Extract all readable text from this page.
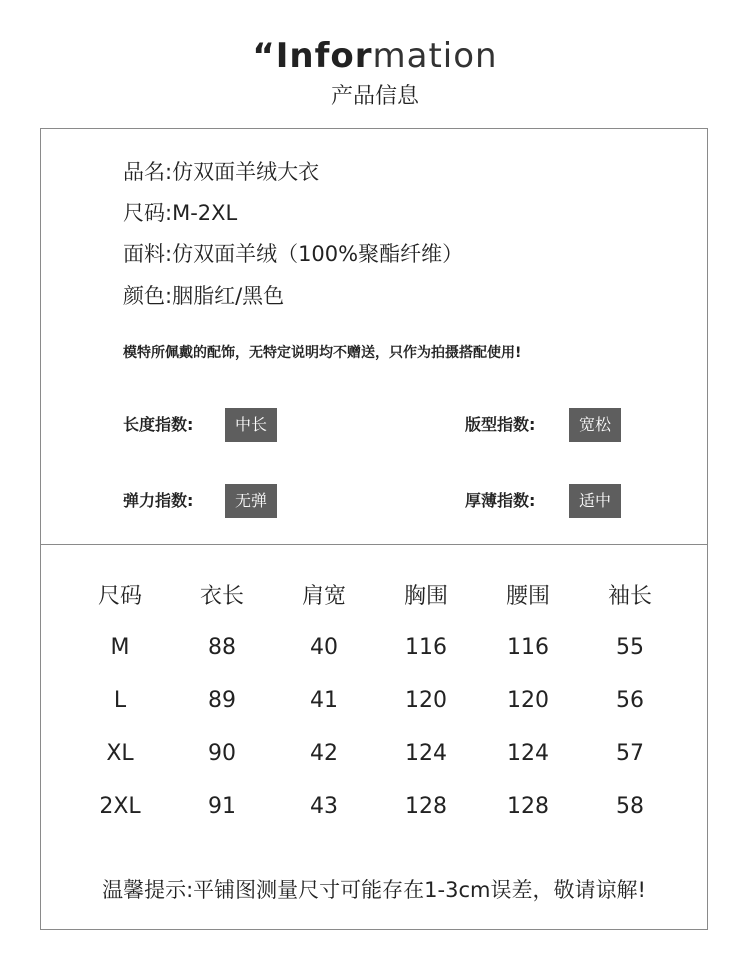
“Information
产品信息
品名:仿双面羊绒大衣
尺码:M-2XL
面料:仿双面羊绒（100%聚酯纤维）
颜色:胭脂红/黑色
模特所佩戴的配饰，无特定说明均不赠送，只作为拍摄搭配使用!
长度指数:	中长	版型指数:	宽松
弹力指数:	无弹	厚薄指数:	适中
尺码	衣长	肩宽	胸围	腰围	袖长
M	88	40	116	116	55
L	89	41	120	120	56
XL	90	42	124	124	57
2XL	91	43	128	128	58
温馨提示:平铺图测量尺寸可能存在1-3cm误差，敬请谅解!
